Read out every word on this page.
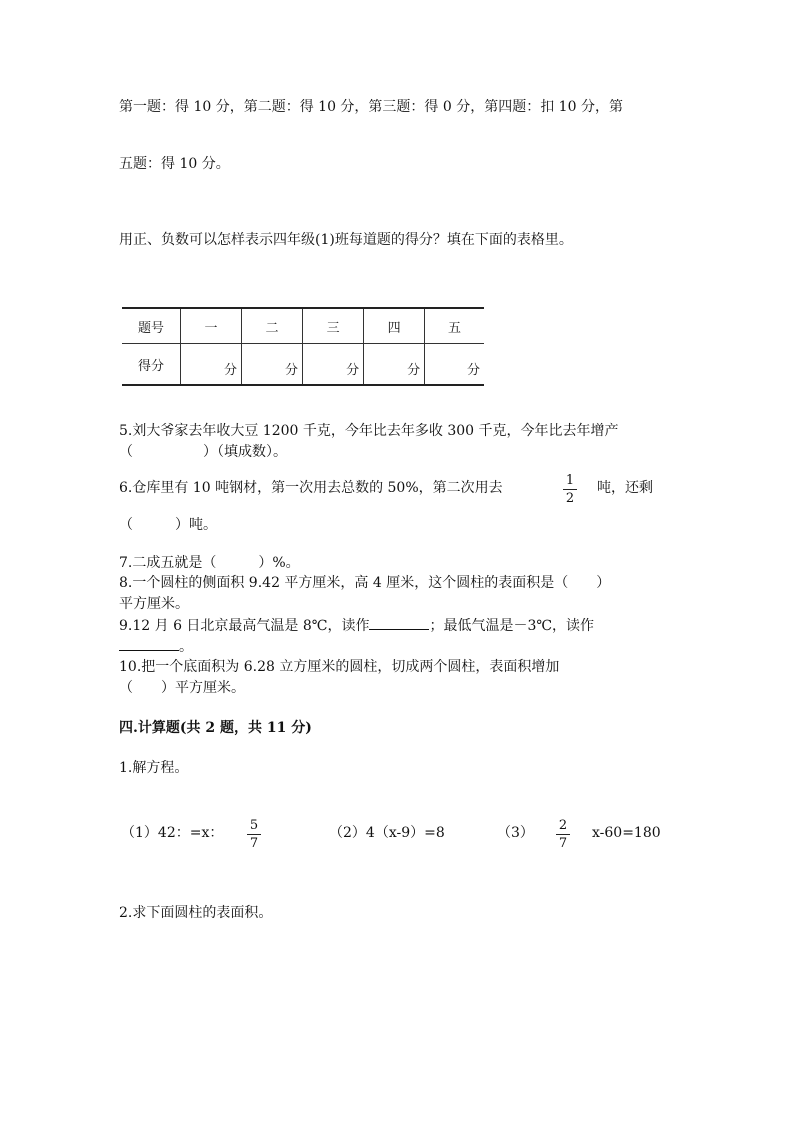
第一题：得 10 分，第二题：得 10 分，第三题：得 0 分，第四题：扣 10 分，第
五题：得 10 分。
用正、负数可以怎样表示四年级(1)班每道题的得分？填在下面的表格里。
题号	一	二	三	四	五
得分	分	分	分	分	分
5.刘大爷家去年收大豆 1200 千克，今年比去年多收 300 千克，今年比去年增产
（　　　　　）（填成数）。
6.仓库里有 10 吨钢材，第一次用去总数的 50%，第二次用去	1
2
吨，还剩
（　　　）吨。
7.二成五就是（　　　）%。
8.一个圆柱的侧面积 9.42 平方厘米，高 4 厘米，这个圆柱的表面积是（　　）
平方厘米。
9.12 月 6 日北京最高气温是 8℃，读作	；最低气温是－3℃，读作
。
10.把一个底面积为 6.28 立方厘米的圆柱，切成两个圆柱，表面积增加
（　　）平方厘米。
四.计算题(共 2 题，共 11 分)
1.解方程。
（1）42：=x： 5
7
（2）4（x-9）=8	（3） 2
7
x-60=180
2.求下面圆柱的表面积。
